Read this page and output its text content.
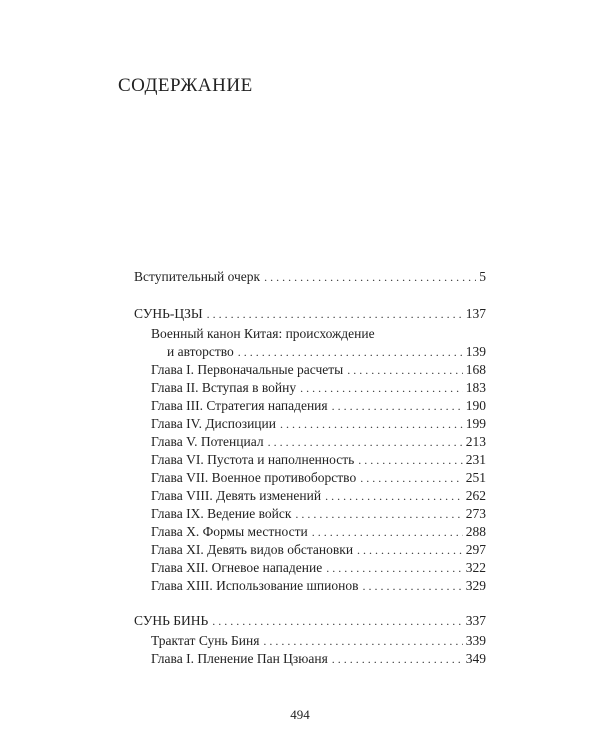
СОДЕРЖАНИЕ
Вступительный очерк . . .	5
СУНЬ-ЦЗЫ . . .	137
Военный канон Китая: происхождение
и авторство . . .	139
Глава I. Первоначальные расчеты . . .	168
Глава II. Вступая в войну . . .	183
Глава III. Стратегия нападения . . .	190
Глава IV. Диспозиции . . .	199
Глава V. Потенциал . . .	213
Глава VI. Пустота и наполненность . . .	231
Глава VII. Военное противоборство . . .	251
Глава VIII. Девять изменений . . .	262
Глава IX. Ведение войск . . .	273
Глава X. Формы местности . . .	288
Глава XI. Девять видов обстановки . . .	297
Глава XII. Огневое нападение . . .	322
Глава XIII. Использование шпионов . . .	329
СУНЬ БИНЬ . . .	337
Трактат Сунь Биня . . .	339
Глава I. Пленение Пан Цзюаня . . .	349
494
